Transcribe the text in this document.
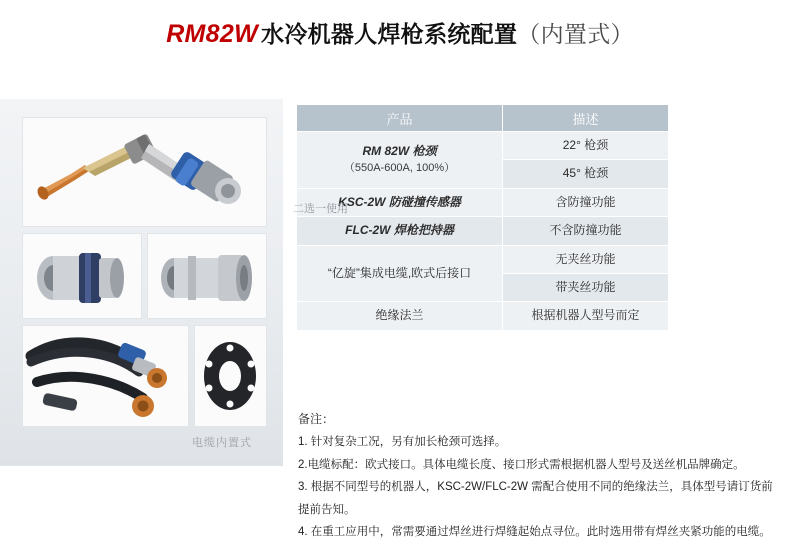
RM82W 水冷机器人焊枪系统配置（内置式）
电缆内置式
产品	描述

RM 82W 枪颈
（550A-600A, 100%）	22° 枪颈
	45° 枪颈

二选一使用
KSC-2W 防碰撞传感器	含防撞功能
FLC-2W 焊枪把持器	不含防撞功能
“亿旋”集成电缆,欧式后接口	无夹丝功能
	带夹丝功能
绝缘法兰	根据机器人型号而定
备注：
1. 针对复杂工况，另有加长枪颈可选择。
2.电缆标配：欧式接口。具体电缆长度、接口形式需根据机器人型号及送丝机品牌确定。
3. 根据不同型号的机器人，KSC-2W/FLC-2W 需配合使用不同的绝缘法兰，具体型号请订货前提前告知。
4. 在重工应用中，常需要通过焊丝进行焊缝起始点寻位。此时选用带有焊丝夹紧功能的电缆。
